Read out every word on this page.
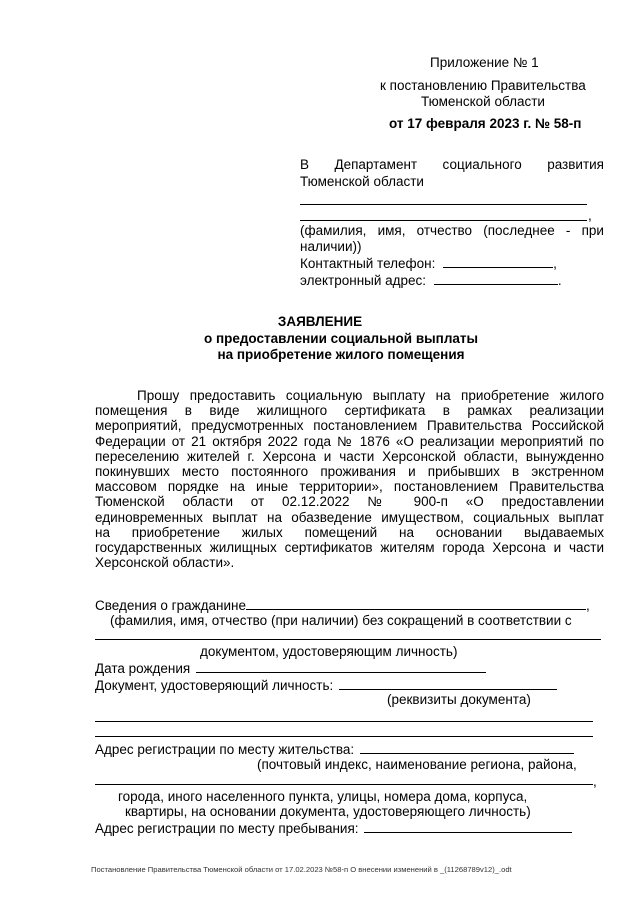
Приложение № 1
к постановлению Правительства
Тюменской области
от 17 февраля 2023 г. № 58-п
В Департамент социального развития
Тюменской области
,
(фамилия, имя, отчество (последнее - при
наличии))
Контактный телефон:	,
электронный адрес:	.
ЗАЯВЛЕНИЕ
о предоставлении социальной выплаты
на приобретение жилого помещения
Прошу предоставить социальную выплату на приобретение жилого
помещения в виде жилищного сертификата в рамках реализации
мероприятий, предусмотренных постановлением Правительства Российской
Федерации от 21 октября 2022 года № 1876 «О реализации мероприятий по
переселению жителей г. Херсона и части Херсонской области, вынужденно
покинувших место постоянного проживания и прибывших в экстренном
массовом порядке на иные территории», постановлением Правительства
Тюменской области от 02.12.2022 № 900-п «О предоставлении
единовременных выплат на обазведение имуществом, социальных выплат
на приобретение жилых помещений на основании выдаваемых
государственных жилищных сертификатов жителям города Херсона и части
Херсонской области».
Сведения о гражданине	,
(фамилия, имя, отчество (при наличии) без сокращений в соответствии с
документом, удостоверяющим личность)
Дата рождения
Документ, удостоверяющий личность:
(реквизиты документа)
Адрес регистрации по месту жительства:
(почтовый индекс, наименование региона, района,
,
города, иного населенного пункта, улицы, номера дома, корпуса,
квартиры, на основании документа, удостоверяющего личность)
Адрес регистрации по месту пребывания:
Постановление Правительства Тюменской области от 17.02.2023 №58-п О внесении изменений в _(11268789v12)_.odt
